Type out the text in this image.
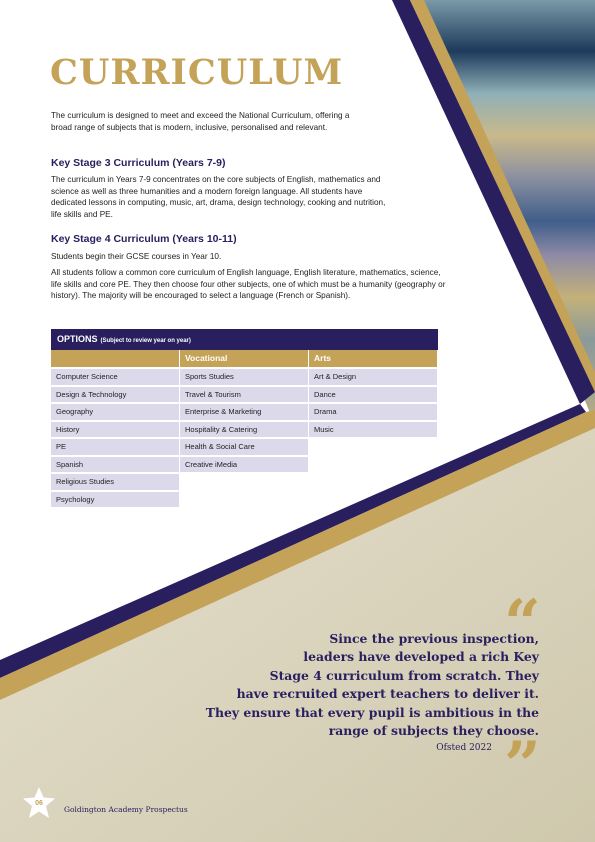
CURRICULUM

The curriculum is designed to meet and exceed the National Curriculum, offering a broad range of subjects that is modern, inclusive, personalised and relevant.

Key Stage 3 Curriculum (Years 7-9)

The curriculum in Years 7-9 concentrates on the core subjects of English, mathematics and science as well as three humanities and a modern foreign language. All students have dedicated lessons in computing, music, art, drama, design technology, cooking and nutrition, life skills and PE.

Key Stage 4 Curriculum (Years 10-11)

Students begin their GCSE courses in Year 10.

All students follow a common core curriculum of English language, English literature, mathematics, science, life skills and core PE. They then choose four other subjects, one of which must be a humanity (geography or history). The majority will be encouraged to select a language (French or Spanish).

OPTIONS (Subject to review year on year)
Computer Science
Design & Technology
Geography
History
PE
Spanish
Religious Studies
Psychology
Vocational
Sports Studies
Travel & Tourism
Enterprise & Marketing
Hospitality & Catering
Health & Social Care
Creative iMedia
Arts
Art & Design
Dance
Drama
Music
“
Since the previous inspection,
leaders have developed a rich Key
Stage 4 curriculum from scratch. They
have recruited expert teachers to deliver it.
They ensure that every pupil is ambitious in the
range of subjects they choose.

Ofsted 2022 ”

06

Goldington Academy Prospectus
